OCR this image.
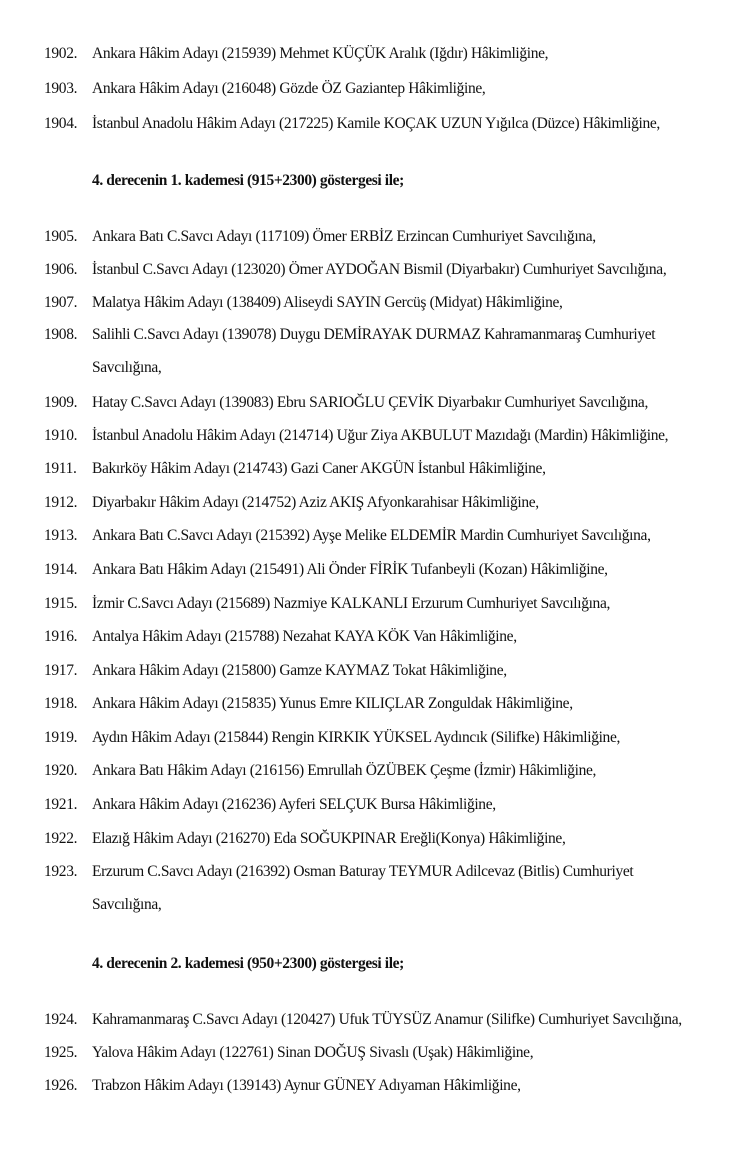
1902. Ankara Hâkim Adayı (215939) Mehmet KÜÇÜK Aralık (Iğdır) Hâkimliğine,
1903. Ankara Hâkim Adayı (216048) Gözde ÖZ Gaziantep Hâkimliğine,
1904. İstanbul Anadolu Hâkim Adayı (217225) Kamile KOÇAK UZUN Yığılca (Düzce) Hâkimliğine,
4. derecenin 1. kademesi (915+2300) göstergesi ile;
1905. Ankara Batı C.Savcı Adayı (117109) Ömer ERBİZ Erzincan Cumhuriyet Savcılığına,
1906. İstanbul C.Savcı Adayı (123020) Ömer AYDOĞAN Bismil (Diyarbakır) Cumhuriyet Savcılığına,
1907. Malatya Hâkim Adayı (138409) Aliseydi SAYIN Gercüş (Midyat) Hâkimliğine,
1908. Salihli C.Savcı Adayı (139078) Duygu DEMİRAYAK DURMAZ Kahramanmaraş Cumhuriyet
Savcılığına,
1909. Hatay C.Savcı Adayı (139083) Ebru SARIOĞLU ÇEVİK Diyarbakır Cumhuriyet Savcılığına,
1910. İstanbul Anadolu Hâkim Adayı (214714) Uğur Ziya AKBULUT Mazıdağı (Mardin) Hâkimliğine,
1911. Bakırköy Hâkim Adayı (214743) Gazi Caner AKGÜN İstanbul Hâkimliğine,
1912. Diyarbakır Hâkim Adayı (214752) Aziz AKIŞ Afyonkarahisar Hâkimliğine,
1913. Ankara Batı C.Savcı Adayı (215392) Ayşe Melike ELDEMİR Mardin Cumhuriyet Savcılığına,
1914. Ankara Batı Hâkim Adayı (215491) Ali Önder FİRİK Tufanbeyli (Kozan) Hâkimliğine,
1915. İzmir C.Savcı Adayı (215689) Nazmiye KALKANLI Erzurum Cumhuriyet Savcılığına,
1916. Antalya Hâkim Adayı (215788) Nezahat KAYA KÖK Van Hâkimliğine,
1917. Ankara Hâkim Adayı (215800) Gamze KAYMAZ Tokat Hâkimliğine,
1918. Ankara Hâkim Adayı (215835) Yunus Emre KILIÇLAR Zonguldak Hâkimliğine,
1919. Aydın Hâkim Adayı (215844) Rengin KIRKIK YÜKSEL Aydıncık (Silifke) Hâkimliğine,
1920. Ankara Batı Hâkim Adayı (216156) Emrullah ÖZÜBEK Çeşme (İzmir) Hâkimliğine,
1921. Ankara Hâkim Adayı (216236) Ayferi SELÇUK Bursa Hâkimliğine,
1922. Elazığ Hâkim Adayı (216270) Eda SOĞUKPINAR Ereğli(Konya) Hâkimliğine,
1923. Erzurum C.Savcı Adayı (216392) Osman Baturay TEYMUR Adilcevaz (Bitlis) Cumhuriyet
Savcılığına,
4. derecenin 2. kademesi (950+2300) göstergesi ile;
1924. Kahramanmaraş C.Savcı Adayı (120427) Ufuk TÜYSÜZ Anamur (Silifke) Cumhuriyet Savcılığına,
1925. Yalova Hâkim Adayı (122761) Sinan DOĞUŞ Sivaslı (Uşak) Hâkimliğine,
1926. Trabzon Hâkim Adayı (139143) Aynur GÜNEY Adıyaman Hâkimliğine,
